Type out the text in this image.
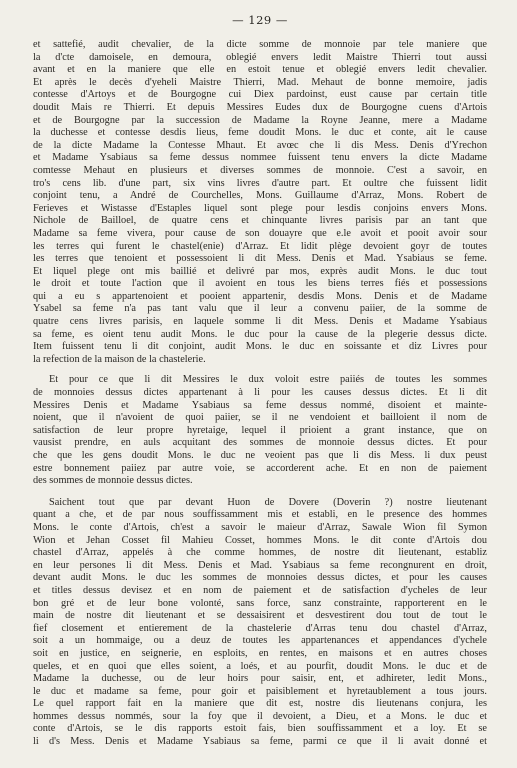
— 129 —
et sattefié, audit chevalier, de la dicte somme de monnoie par tele maniere que
la d'cte damoisele, en demoura, oblegié envers ledit Maistre Thierri tout aussi
avant et en la maniere que elle en estoit tenue et oblegié envers ledit chevalier.
Et après le decès d'yeheli Maistre Thierri, Mad. Mehaut de bonne memoire, jadis
contesse d'Artoys et de Bourgogne cui Diex pardoinst, eust cause par certain title
doudit Mais re Thierri. Et depuis Messires Eudes dux de Bourgogne cuens d'Artois
et de Bourgogne par la succession de Madame la Royne Jeanne, mere a Madame
la duchesse et contesse desdis lieus, feme doudit Mons. le duc et conte, ait le cause
de la dicte Madame la Contesse Mhaut. Et avœc che li dis Mess. Denis d'Yrechon
et Madame Ysabiaus sa feme dessus nommee fuissent tenu envers la dicte Madame
comtesse Mehaut en plusieurs et diverses sommes de monnoie. C'est a savoir, en
tro's cens lib. d'une part, six vins livres d'autre part. Et oultre che fuissent lidit
conjoint tenu, a André de Courchelles, Mons. Guillaume d'Arraz, Mons. Robert de
Ferieves et Wistasse d'Estaples liquel sont plege pour lesdis conjoins envers Mons.
Nichole de Bailloel, de quatre cens et chinquante livres parisis par an tant que
Madame sa feme vivera, pour cause de son douayre que e.le avoit et pooit avoir sour
les terres qui furent le chastel(enie) d'Arraz. Et lidit plège devoient goyr de toutes
les terres que tenoient et possessoient li dit Mess. Denis et Mad. Ysabiaus se feme.
Et liquel plege ont mis baillié et delivré par mos, exprès audit Mons. le duc tout
le droit et toute l'action que il avoient en tous les biens terres fiés et possessions
qui a eu s appartenoient et pooient appartenir, desdis Mons. Denis et de Madame
Ysabel sa feme n'a pas tant valu que il leur a convenu paiier, de la somme de
quatre cens livres parisis, en laquele somme li dit Mess. Denis et Madame Ysabiaus
sa feme, es oient tenu audit Mons. le duc pour la cause de la plegerie dessus dicte.
Item fuissent tenu li dit conjoint, audit Mons. le duc en soissante et diz Livres pour
la refection de la maison de la chastelerie.
Et pour ce que li dit Messires le dux voloit estre paiiés de toutes les sommes
de monnoies dessus dictes appartenant à li pour les causes dessus dictes. Et li dit
Messires Denis et Madame Ysabiaus sa feme dessus nommé, disoient et mainte-
noient, que il n'avoient de quoi paiier, se il ne vendoient et bailloient il nom de
satisfaction de leur propre hyretaige, lequel il prioient a grant instance, que on
vausist prendre, en auls acquitant des sommes de monnoie dessus dictes. Et pour
che que les gens doudit Mons. le duc ne veoient pas que li dis Mess. li dux peust
estre bonnement paiiez par autre voie, se accorderent ache. Et en non de paiement
des sommes de monnoie dessus dictes.
Saichent tout que par devant Huon de Dovere (Doverin ?) nostre lieutenant
quant a che, et de par nous souffissamment mis et establi, en le presence des hommes
Mons. le conte d'Artois, ch'est a savoir le maieur d'Arraz, Sawale Wion fil Symon
Wion et Jehan Cosset fil Mahieu Cosset, hommes Mons. le dit conte d'Artois dou
chastel d'Arraz, appelés à che comme hommes, de nostre dit lieutenant, establiz
en leur persones li dit Mess. Denis et Mad. Ysabiaus sa feme recongnurent en droit,
devant audit Mons. le duc les sommes de monnoies dessus dictes, et pour les causes
et titles dessus devisez et en nom de paiement et de satisfaction d'ycheles de leur
bon gré et de leur bone volonté, sans force, sanz constrainte, rapporterent en le
main de nostre dit lieutenant et se dessaisirent et desvestirent dou tout de tout le
fief closement et entierement de la chastelerie d'Arras tenu dou chastel d'Arraz,
soit a un hommaige, ou a deuz de toutes les appartenances et appendances d'ychele
soit en justice, en seignerie, en esploits, en rentes, en maisons et en autres choses
queles, et en quoi que elles soient, a loés, et au pourfit, doudit Mons. le duc et de
Madame la duchesse, ou de leur hoirs pour saisir, ent, et adhireter, ledit Mons.,
le duc et madame sa feme, pour goir et paisiblement et hyretaublement a tous jours.
Le quel rapport fait en la maniere que dit est, nostre dis lieutenans conjura, les
hommes dessus nommés, sour la foy que il devoient, a Dieu, et a Mons. le duc et
conte d'Artois, se le dis rapports estoit fais, bien souffissamment et a loy. Et se
li d's Mess. Denis et Madame Ysabiaus sa feme, parmi ce que il li avait donné et
